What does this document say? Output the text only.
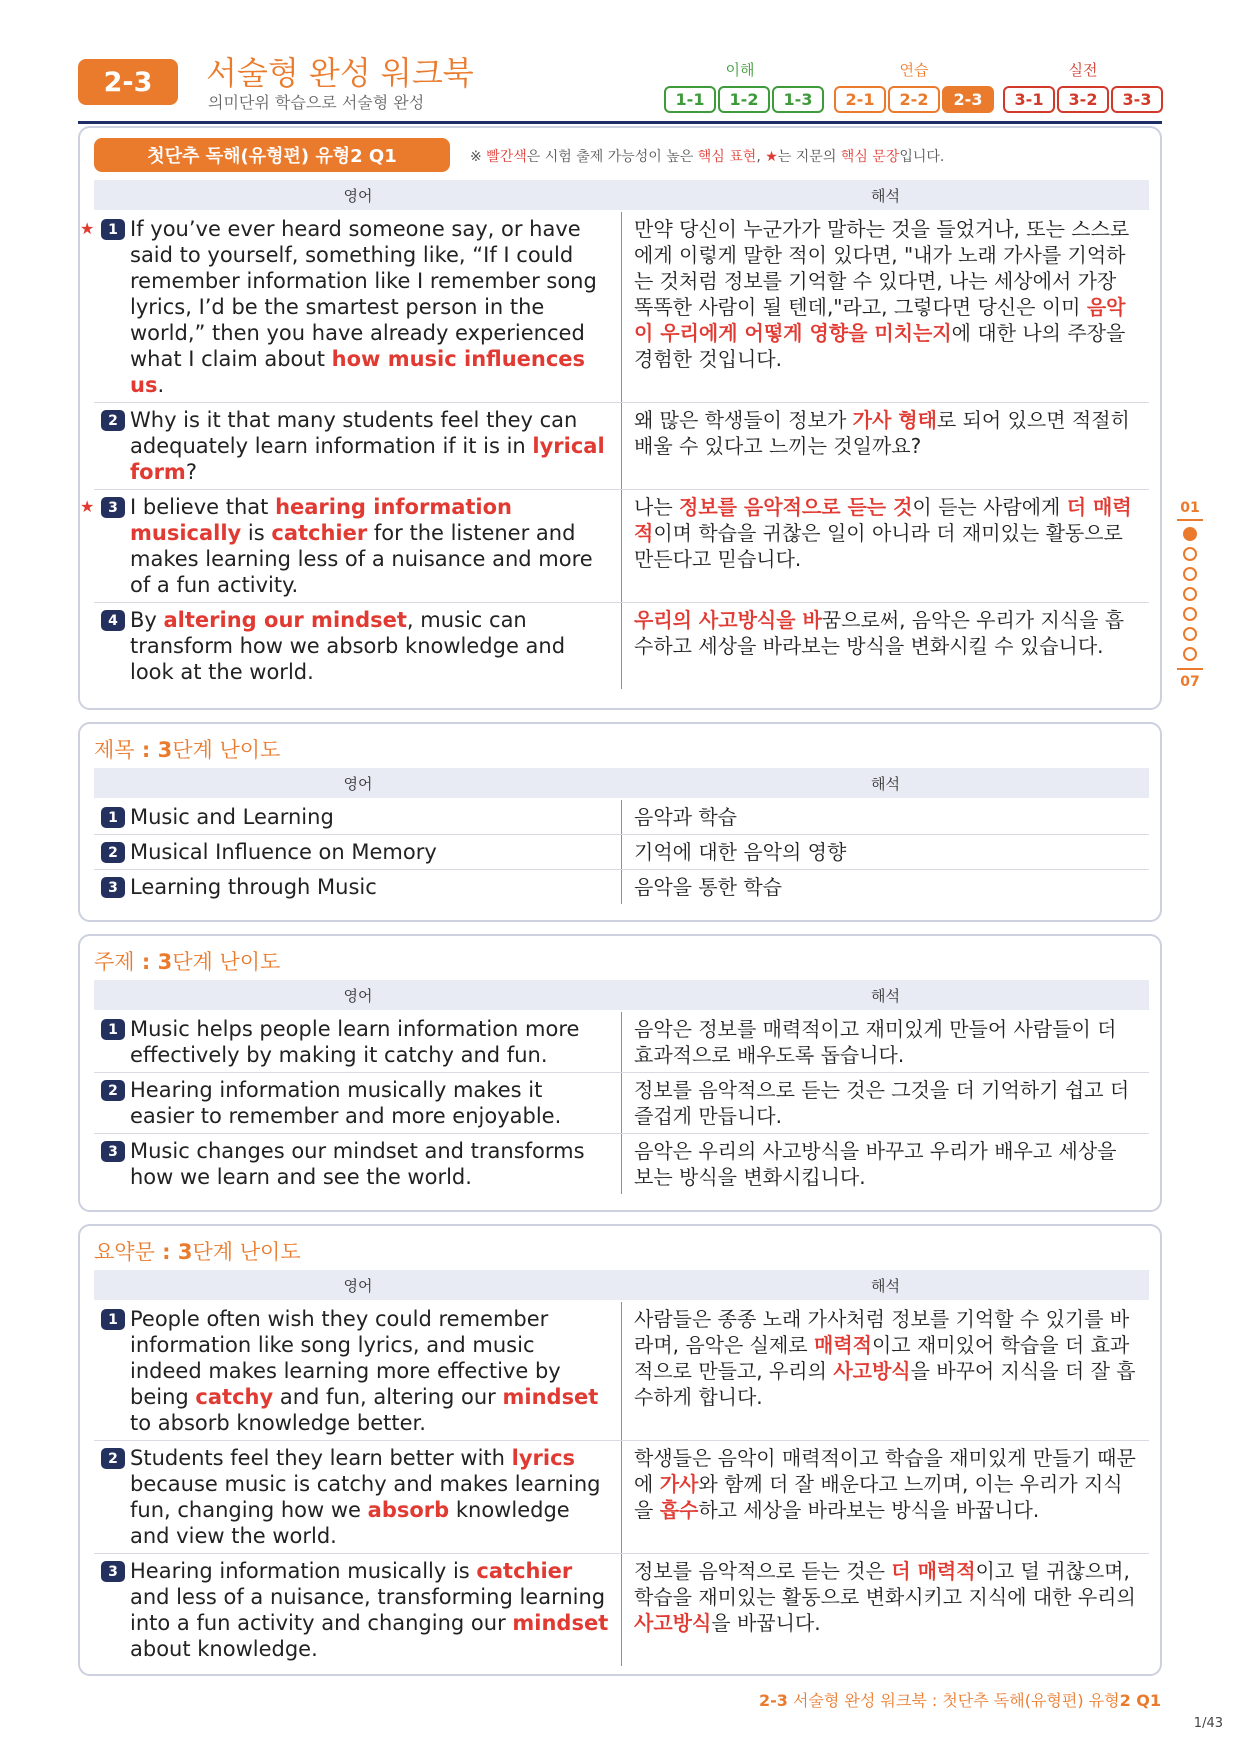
2-3	서술형 완성 워크북
의미단위 학습으로 서술형 완성
이해	연습	실전
1-1	1-2	1-3	2-1	2-2	2-3	3-1	3-2	3-3
01
07
첫단추 독해(유형편) 유형2 Q1	※ 빨간색은 시험 출제 가능성이 높은 핵심 표현, ★는 지문의 핵심 문장입니다.
영어	해석
★ 1 If you’ve ever heard someone say, or have said to yourself, something like, “If I could remember information like I remember song lyrics, I’d be the smartest person in the world,” then you have already experienced what I claim about how music influences us.
만약 당신이 누군가가 말하는 것을 들었거나, 또는 스스로에게 이렇게 말한 적이 있다면, "내가 노래 가사를 기억하는 것처럼 정보를 기억할 수 있다면, 나는 세상에서 가장 똑똑한 사람이 될 텐데,"라고, 그렇다면 당신은 이미 음악이 우리에게 어떻게 영향을 미치는지에 대한 나의 주장을 경험한 것입니다.
2 Why is it that many students feel they can adequately learn information if it is in lyrical form?
왜 많은 학생들이 정보가 가사 형태로 되어 있으면 적절히 배울 수 있다고 느끼는 것일까요?
★ 3 I believe that hearing information musically is catchier for the listener and makes learning less of a nuisance and more of a fun activity.
나는 정보를 음악적으로 듣는 것이 듣는 사람에게 더 매력적이며 학습을 귀찮은 일이 아니라 더 재미있는 활동으로 만든다고 믿습니다.
4 By altering our mindset, music can transform how we absorb knowledge and look at the world.
우리의 사고방식을 바꿈으로써, 음악은 우리가 지식을 흡수하고 세상을 바라보는 방식을 변화시킬 수 있습니다.
제목 : 3단계 난이도
영어	해석
1 Music and Learning	음악과 학습
2 Musical Influence on Memory	기억에 대한 음악의 영향
3 Learning through Music	음악을 통한 학습
주제 : 3단계 난이도
영어	해석
1 Music helps people learn information more effectively by making it catchy and fun.
음악은 정보를 매력적이고 재미있게 만들어 사람들이 더 효과적으로 배우도록 돕습니다.
2 Hearing information musically makes it easier to remember and more enjoyable.
정보를 음악적으로 듣는 것은 그것을 더 기억하기 쉽고 더 즐겁게 만듭니다.
3 Music changes our mindset and transforms how we learn and see the world.
음악은 우리의 사고방식을 바꾸고 우리가 배우고 세상을 보는 방식을 변화시킵니다.
요약문 : 3단계 난이도
영어	해석
1 People often wish they could remember information like song lyrics, and music indeed makes learning more effective by being catchy and fun, altering our mindset to absorb knowledge better.
사람들은 종종 노래 가사처럼 정보를 기억할 수 있기를 바라며, 음악은 실제로 매력적이고 재미있어 학습을 더 효과적으로 만들고, 우리의 사고방식을 바꾸어 지식을 더 잘 흡수하게 합니다.
2 Students feel they learn better with lyrics because music is catchy and makes learning fun, changing how we absorb knowledge and view the world.
학생들은 음악이 매력적이고 학습을 재미있게 만들기 때문에 가사와 함께 더 잘 배운다고 느끼며, 이는 우리가 지식을 흡수하고 세상을 바라보는 방식을 바꿉니다.
3 Hearing information musically is catchier and less of a nuisance, transforming learning into a fun activity and changing our mindset about knowledge.
정보를 음악적으로 듣는 것은 더 매력적이고 덜 귀찮으며, 학습을 재미있는 활동으로 변화시키고 지식에 대한 우리의 사고방식을 바꿉니다.
2-3 서술형 완성 워크북 : 첫단추 독해(유형편) 유형2 Q1
1/43
